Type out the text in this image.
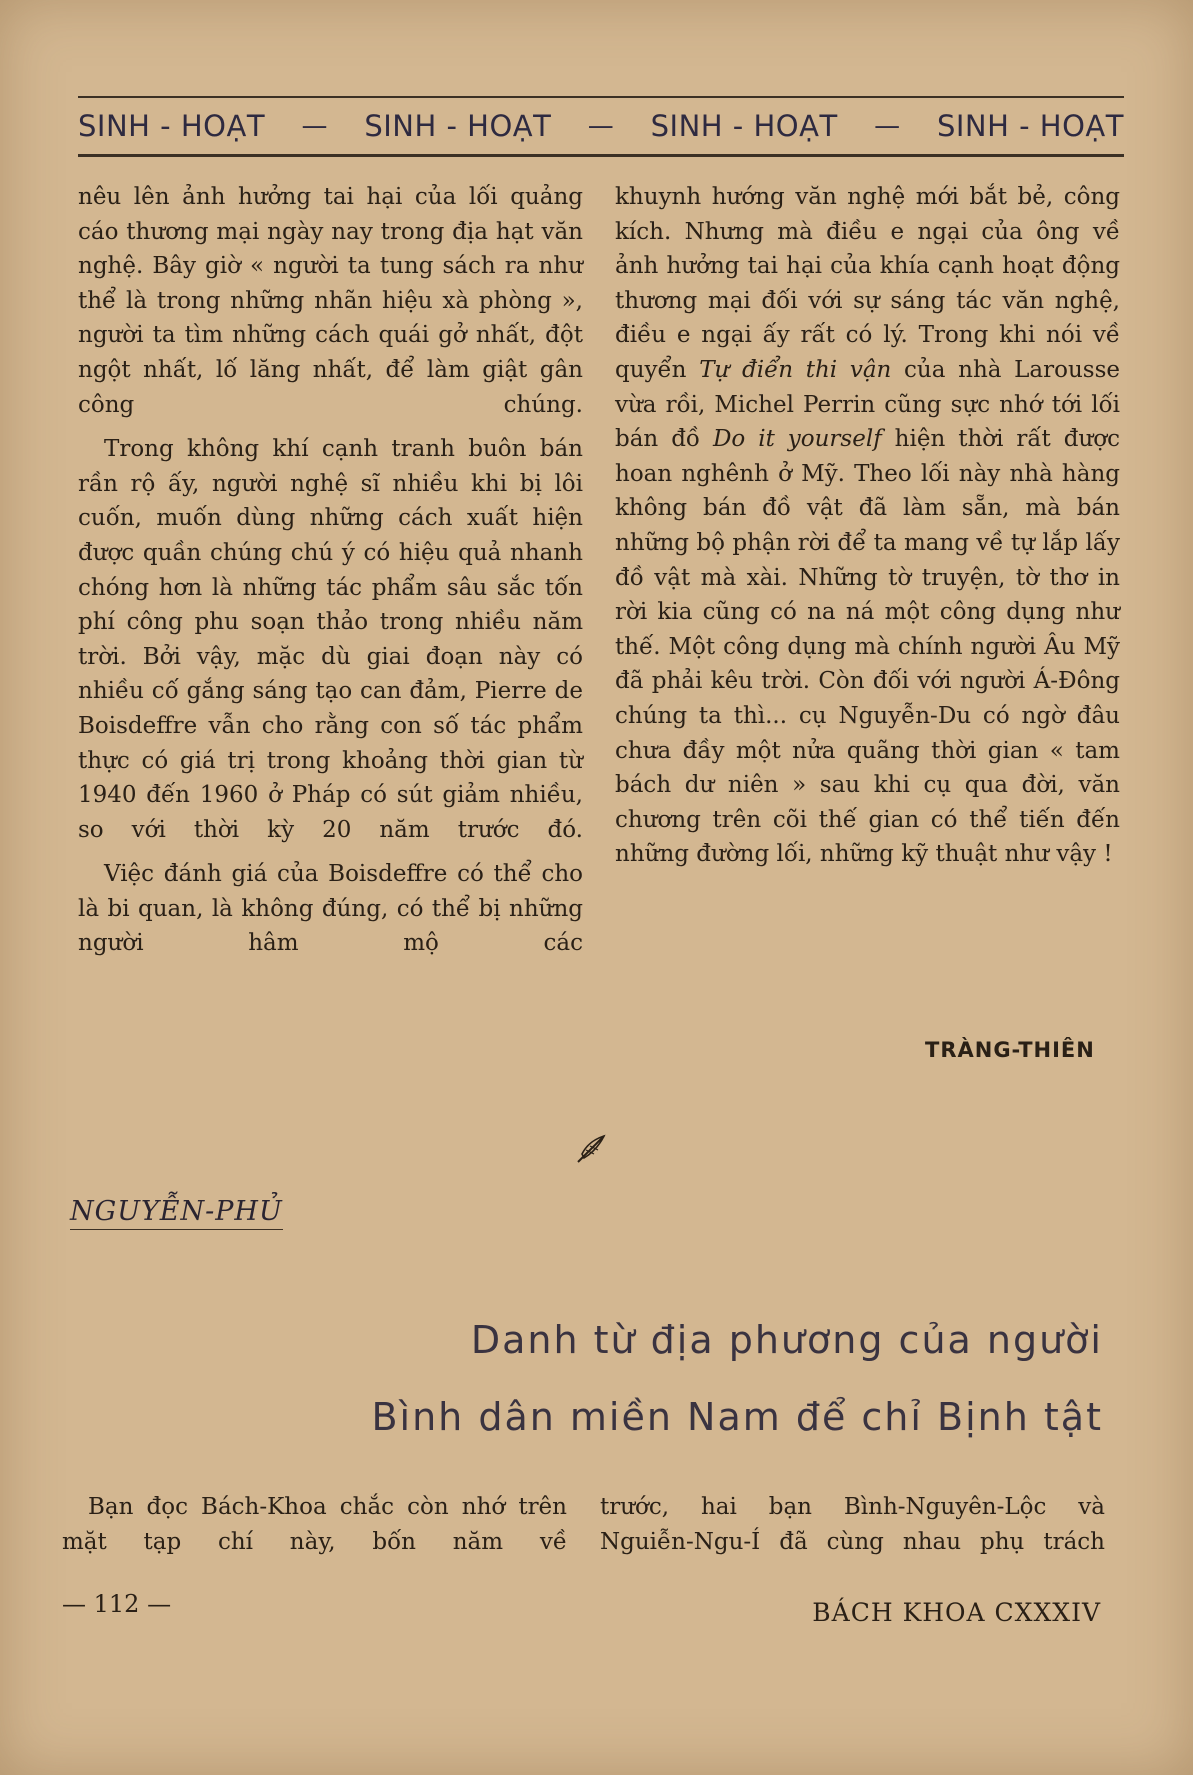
SINH - HOẠT — SINH - HOẠT — SINH - HOẠT — SINH - HOẠT

nêu lên ảnh hưởng tai hại của lối quảng cáo thương mại ngày nay trong địa hạt văn nghệ. Bây giờ « người ta tung sách ra như thể là trong những nhãn hiệu xà phòng », người ta tìm những cách quái gở nhất, đột ngột nhất, lố lăng nhất, để làm giật gân công chúng.

Trong không khí cạnh tranh buôn bán rần rộ ấy, người nghệ sĩ nhiều khi bị lôi cuốn, muốn dùng những cách xuất hiện được quần chúng chú ý có hiệu quả nhanh chóng hơn là những tác phẩm sâu sắc tốn phí công phu soạn thảo trong nhiều năm trời. Bởi vậy, mặc dù giai đoạn này có nhiều cố gắng sáng tạo can đảm, Pierre de Boisdeffre vẫn cho rằng con số tác phẩm thực có giá trị trong khoảng thời gian từ 1940 đến 1960 ở Pháp có sút giảm nhiều, so với thời kỳ 20 năm trước đó.

Việc đánh giá của Boisdeffre có thể cho là bi quan, là không đúng, có thể bị những người hâm mộ các

khuynh hướng văn nghệ mới bắt bẻ, công kích. Nhưng mà điều e ngại của ông về ảnh hưởng tai hại của khía cạnh hoạt động thương mại đối với sự sáng tác văn nghệ, điều e ngại ấy rất có lý. Trong khi nói về quyển Tự điển thi vận của nhà Larousse vừa rồi, Michel Perrin cũng sực nhớ tới lối bán đồ Do it yourself hiện thời rất được hoan nghênh ở Mỹ. Theo lối này nhà hàng không bán đồ vật đã làm sẵn, mà bán những bộ phận rời để ta mang về tự lắp lấy đồ vật mà xài. Những tờ truyện, tờ thơ in rời kia cũng có na ná một công dụng như thế. Một công dụng mà chính người Âu Mỹ đã phải kêu trời. Còn đối với người Á-Đông chúng ta thì... cụ Nguyễn-Du có ngờ đâu chưa đầy một nửa quãng thời gian « tam bách dư niên » sau khi cụ qua đời, văn chương trên cõi thế gian có thể tiến đến những đường lối, những kỹ thuật như vậy !

TRÀNG-THIÊN
NGUYỄN-PHỦ
Danh từ địa phương của người
Bình dân miền Nam để chỉ Bịnh tật

Bạn đọc Bách-Khoa chắc còn nhớ trên mặt tạp chí này, bốn năm về

trước, hai bạn Bình-Nguyên-Lộc và Nguiễn-Ngu-Í đã cùng nhau phụ trách

— 112 —	BÁCH KHOA CXXXIV
